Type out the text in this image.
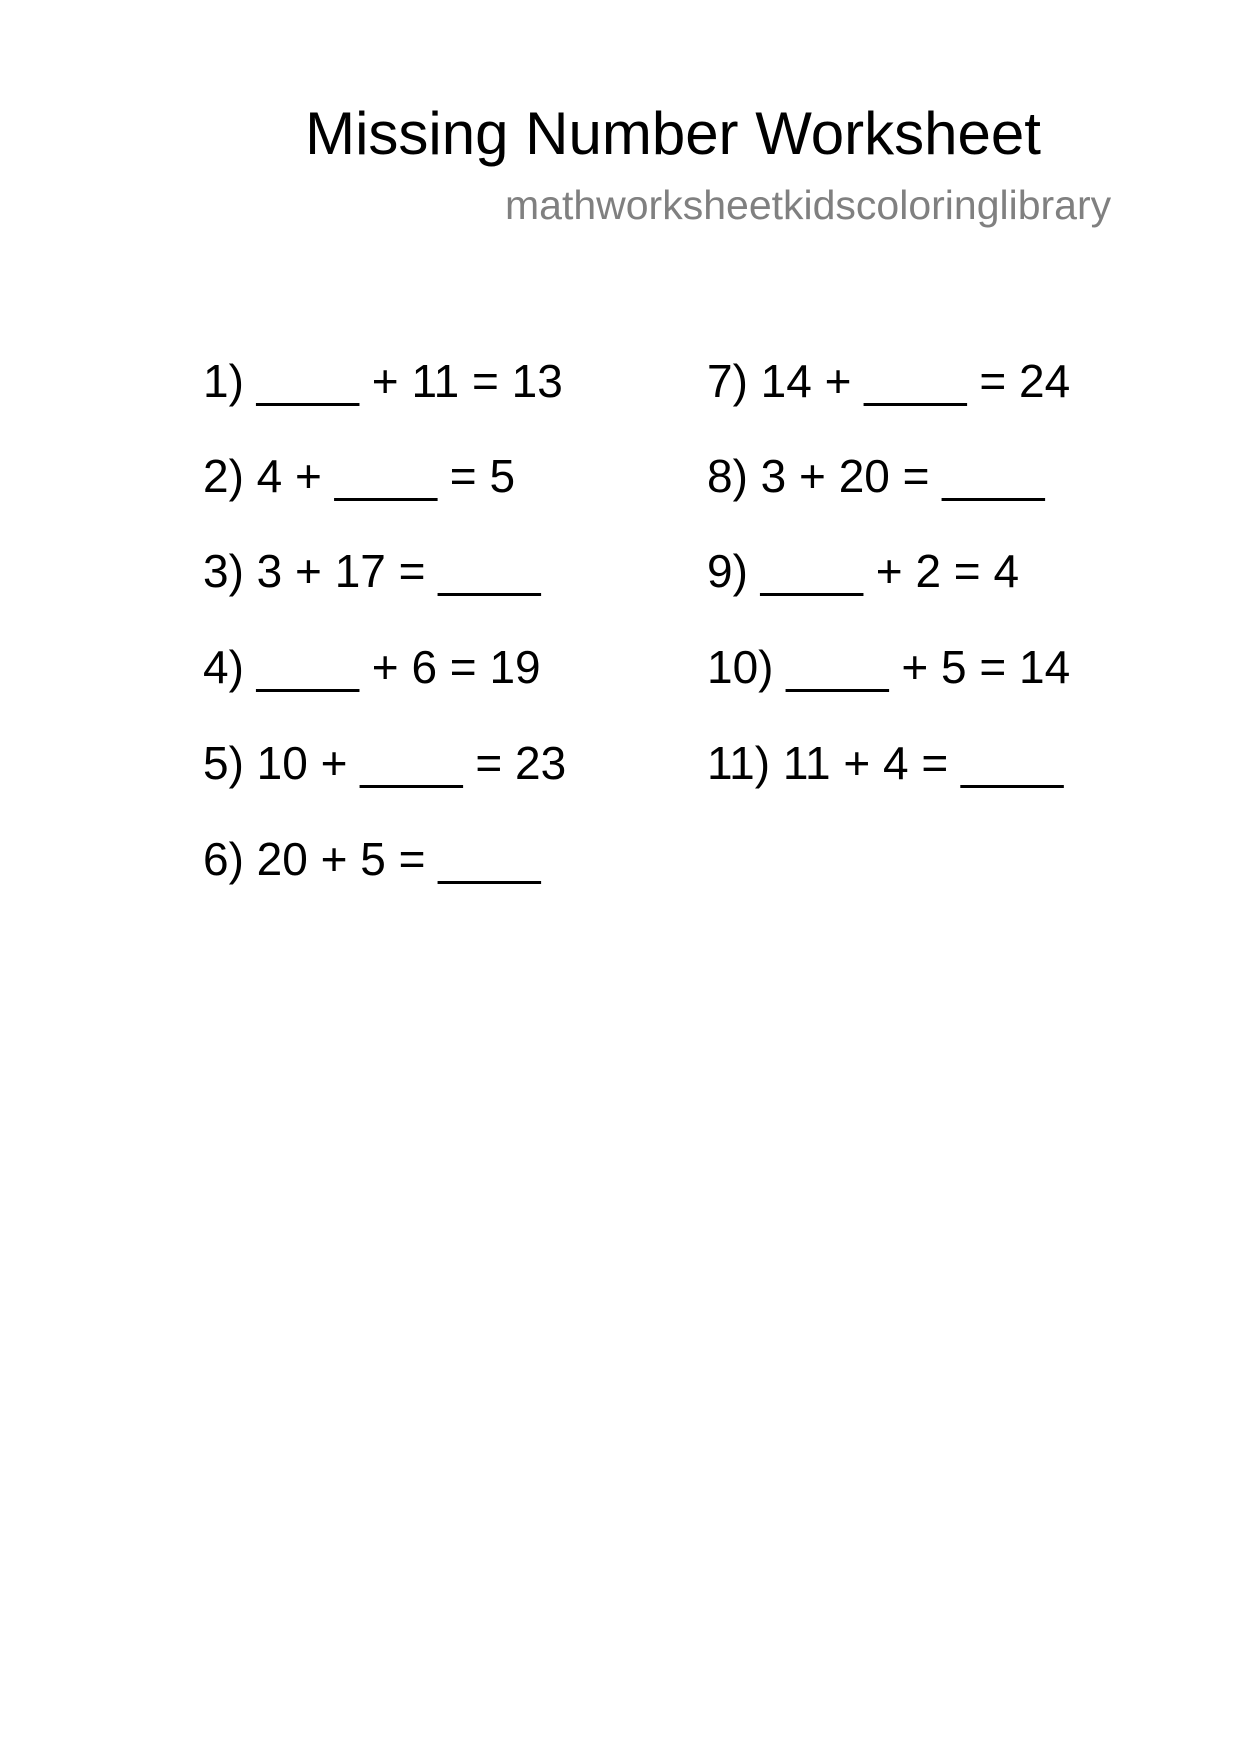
Missing Number Worksheet
mathworksheetkidscoloringlibrary
1) ____ + 11 = 13
2) 4 + ____ = 5
3) 3 + 17 = ____
4) ____ + 6 = 19
5) 10 + ____ = 23
6) 20 + 5 = ____
7) 14 + ____ = 24
8) 3 + 20 = ____
9) ____ + 2 = 4
10) ____ + 5 = 14
11) 11 + 4 = ____
